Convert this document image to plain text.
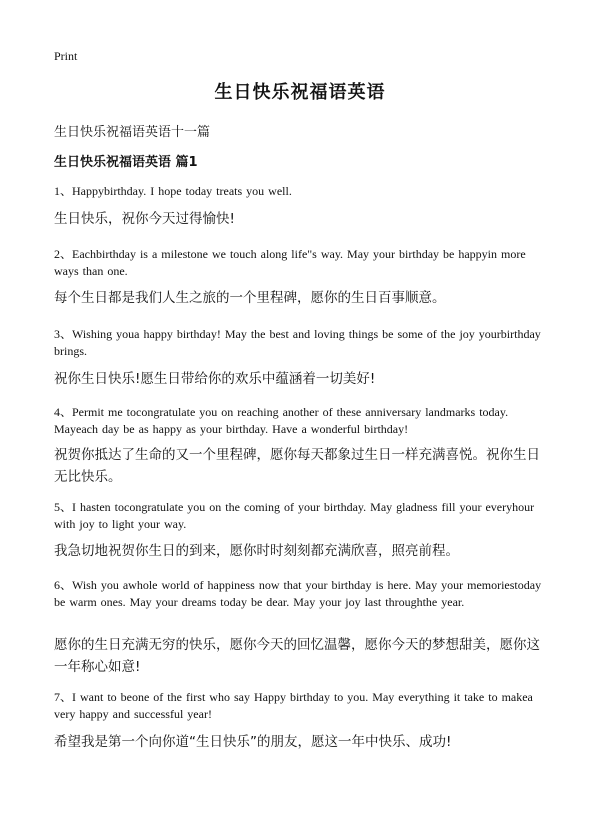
Print
生日快乐祝福语英语
生日快乐祝福语英语十一篇
生日快乐祝福语英语 篇1
1、Happybirthday. I hope today treats you well.
生日快乐，祝你今天过得愉快!
2、Eachbirthday is a milestone we touch along life"s way. May your birthday be happyin more ways than one.
每个生日都是我们人生之旅的一个里程碑，愿你的生日百事顺意。
3、Wishing youa happy birthday! May the best and loving things be some of the joy yourbirthday brings.
祝你生日快乐!愿生日带给你的欢乐中蕴涵着一切美好!
4、Permit me tocongratulate you on reaching another of these anniversary landmarks today. Mayeach day be as happy as your birthday. Have a wonderful birthday!
祝贺你抵达了生命的又一个里程碑，愿你每天都象过生日一样充满喜悦。祝你生日无比快乐。
5、I hasten tocongratulate you on the coming of your birthday. May gladness fill your everyhour with joy to light your way.
我急切地祝贺你生日的到来，愿你时时刻刻都充满欣喜，照亮前程。
6、Wish you awhole world of happiness now that your birthday is here. May your memoriestoday be warm ones. May your dreams today be dear. May your joy last throughthe year.
愿你的生日充满无穷的快乐，愿你今天的回忆温馨，愿你今天的梦想甜美，愿你这一年称心如意!
7、I want to beone of the first who say Happy birthday to you. May everything it take to makea very happy and successful year!
希望我是第一个向你道“生日快乐”的朋友，愿这一年中快乐、成功!
